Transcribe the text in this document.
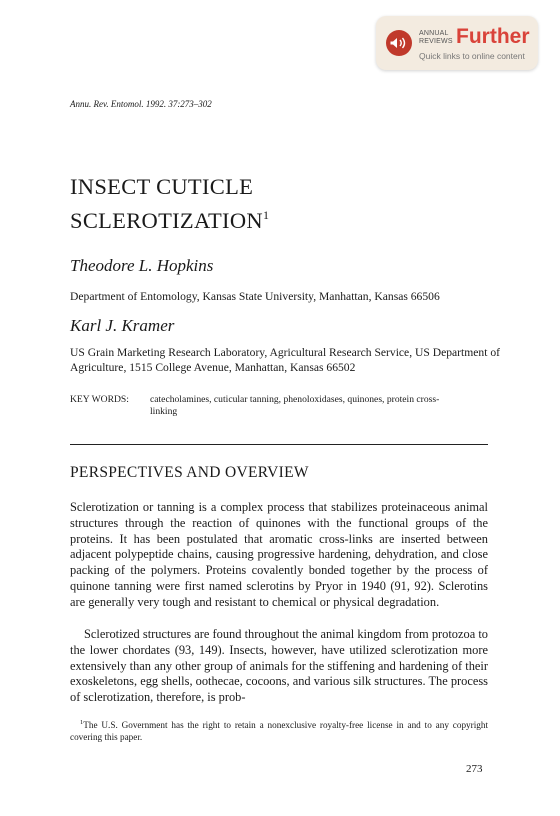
ANNUAL
REVIEWS Further
Quick links to online content
Annu. Rev. Entomol. 1992. 37:273–302
INSECT CUTICLE
SCLEROTIZATION$^1$
Theodore L. Hopkins
Department of Entomology, Kansas State University, Manhattan, Kansas 66506
Karl J. Kramer
US Grain Marketing Research Laboratory, Agricultural Research Service, US Department of Agriculture, 1515 College Avenue, Manhattan, Kansas 66502
KEY WORDS: catecholamines, cuticular tanning, phenoloxidases, quinones, protein cross-linking
PERSPECTIVES AND OVERVIEW

Sclerotization or tanning is a complex process that stabilizes proteinaceous animal structures through the reaction of quinones with the functional groups of the proteins. It has been postulated that aromatic cross-links are inserted between adjacent polypeptide chains, causing progressive hardening, dehydration, and close packing of the polymers. Proteins covalently bonded together by the process of quinone tanning were first named sclerotins by Pryor in 1940 (91, 92). Sclerotins are generally very tough and resistant to chemical or physical degradation.

Sclerotized structures are found throughout the animal kingdom from protozoa to the lower chordates (93, 149). Insects, however, have utilized sclerotization more extensively than any other group of animals for the stiffening and hardening of their exoskeletons, egg shells, oothecae, cocoons, and various silk structures. The process of sclerotization, therefore, is prob-

$^1$The U.S. Government has the right to retain a nonexclusive royalty-free license in and to any copyright covering this paper.
273
